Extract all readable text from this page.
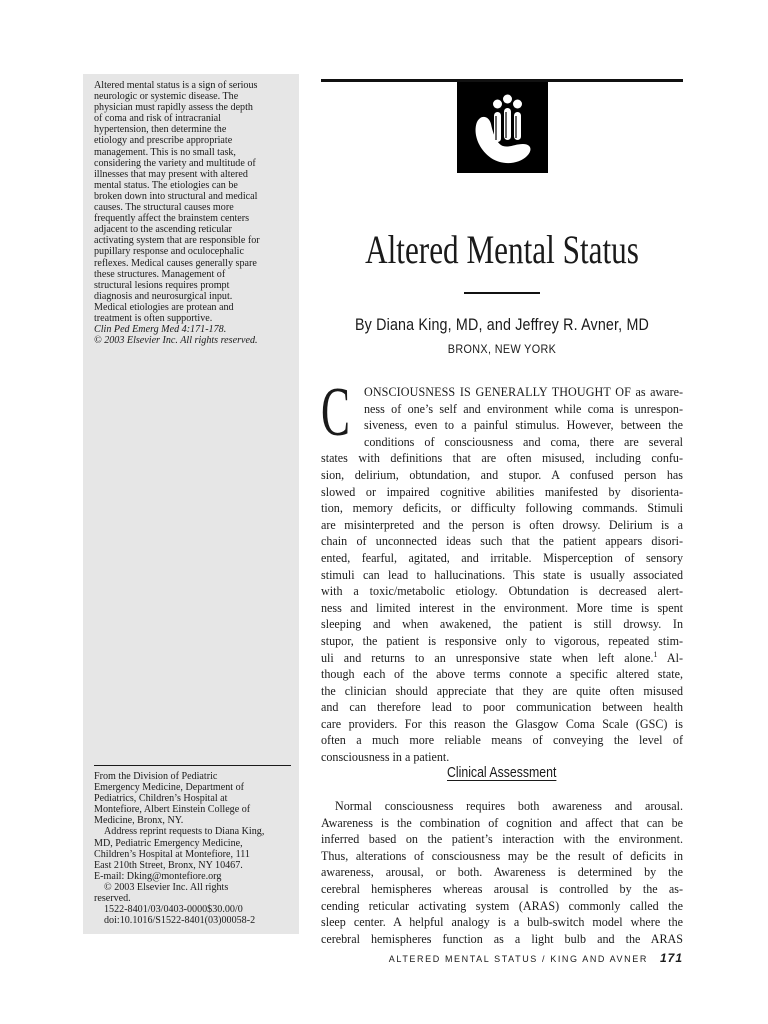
Altered mental status is a sign of serious
neurologic or systemic disease. The
physician must rapidly assess the depth
of coma and risk of intracranial
hypertension, then determine the
etiology and prescribe appropriate
management. This is no small task,
considering the variety and multitude of
illnesses that may present with altered
mental status. The etiologies can be
broken down into structural and medical
causes. The structural causes more
frequently affect the brainstem centers
adjacent to the ascending reticular
activating system that are responsible for
pupillary response and oculocephalic
reflexes. Medical causes generally spare
these structures. Management of
structural lesions requires prompt
diagnosis and neurosurgical input.
Medical etiologies are protean and
treatment is often supportive.
Clin Ped Emerg Med 4:171-178.
© 2003 Elsevier Inc. All rights reserved.
From the Division of Pediatric
Emergency Medicine, Department of
Pediatrics, Children’s Hospital at
Montefiore, Albert Einstein College of
Medicine, Bronx, NY.
Address reprint requests to Diana King,
MD, Pediatric Emergency Medicine,
Children’s Hospital at Montefiore, 111
East 210th Street, Bronx, NY 10467.
E-mail: Dking@montefiore.org
© 2003 Elsevier Inc. All rights
reserved.
1522-8401/03/0403-0000$30.00/0
doi:10.1016/S1522-8401(03)00058-2
Altered Mental Status
By Diana King, MD, and Jeffrey R. Avner, MD
BRONX, NEW YORK
C	ONSCIOUSNESS IS GENERALLY THOUGHT OF as aware-
ness of one’s self and environment while coma is unrespon-
siveness, even to a painful stimulus. However, between the
conditions of consciousness and coma, there are several
states with definitions that are often misused, including confu-
sion, delirium, obtundation, and stupor. A confused person has
slowed or impaired cognitive abilities manifested by disorienta-
tion, memory deficits, or difficulty following commands. Stimuli
are misinterpreted and the person is often drowsy. Delirium is a
chain of unconnected ideas such that the patient appears disori-
ented, fearful, agitated, and irritable. Misperception of sensory
stimuli can lead to hallucinations. This state is usually associated
with a toxic/metabolic etiology. Obtundation is decreased alert-
ness and limited interest in the environment. More time is spent
sleeping and when awakened, the patient is still drowsy. In
stupor, the patient is responsive only to vigorous, repeated stim-
uli and returns to an unresponsive state when left alone.$^1$ Al-
though each of the above terms connote a specific altered state,
the clinician should appreciate that they are quite often misused
and can therefore lead to poor communication between health
care providers. For this reason the Glasgow Coma Scale (GSC) is
often a much more reliable means of conveying the level of
consciousness in a patient.
Clinical Assessment
Normal consciousness requires both awareness and arousal.
Awareness is the combination of cognition and affect that can be
inferred based on the patient’s interaction with the environment.
Thus, alterations of consciousness may be the result of deficits in
awareness, arousal, or both. Awareness is determined by the
cerebral hemispheres whereas arousal is controlled by the as-
cending reticular activating system (ARAS) commonly called the
sleep center. A helpful analogy is a bulb-switch model where the
cerebral hemispheres function as a light bulb and the ARAS
ALTERED MENTAL STATUS / KING AND AVNER 171
